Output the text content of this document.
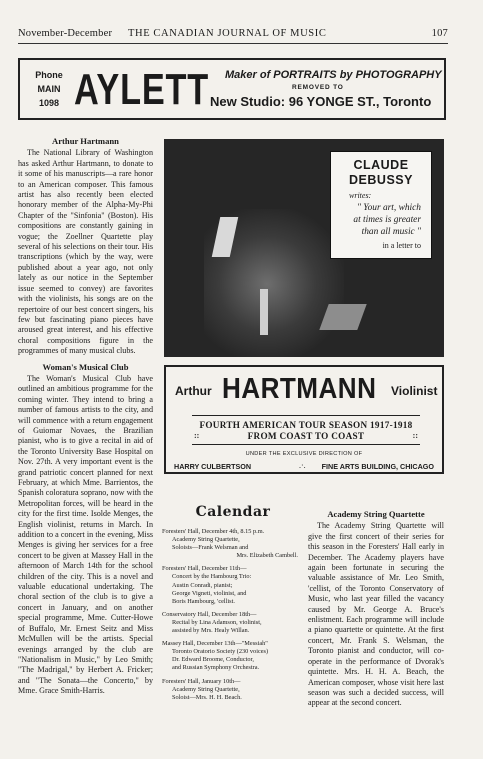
November-December THE CANADIAN JOURNAL OF MUSIC	107
Phone
MAIN
1098 AYLETT Maker of PORTRAITS by PHOTOGRAPHY
REMOVED TO
New Studio: 96 YONGE ST., Toronto
Arthur Hartmann

The National Library of Washington has asked Arthur Hartmann, to donate to it some of his manuscripts—a rare honor to an American composer. This famous artist has also recently been elected honorary member of the Alpha-My-Phi Chapter of the "Sinfonia" (Boston). His compositions are constantly gaining in vogue; the Zoellner Quartette play several of his selections on their tour. His transcriptions (which by the way, were published about a year ago, not only lately as our notice in the September issue seemed to convey) are favorites with the violinists, his songs are on the repertoire of our best concert singers, his few but fascinating piano pieces have aroused great interest, and his effective choral compositions figure in the programmes of many musical clubs.

Woman's Musical Club

The Woman's Musical Club have outlined an ambitious programme for the coming winter. They intend to bring a number of famous artists to the city, and will commence with a return engagement of Guiomar Novaes, the Brazilian pianist, who is to give a recital in aid of the Toronto University Base Hospital on Nov. 27th. A very important event is the grand patriotic concert planned for next February, at which Mme. Barrientos, the Spanish coloratura soprano, now with the Metropolitan forces, will be heard in the city for the first time. Isolde Menges, the English violinist, returns in March. In addition to a concert in the evening, Miss Menges is giving her services for a free concert to be given at Massey Hall in the afternoon of March 14th for the school children of the city. This is a novel and valuable educational undertaking. The choral section of the club is to give a concert in January, and on another special programme, Mme. Cutter-Howe of Buffalo, Mr. Ernest Seitz and Miss McMullen will be the artists. Special evenings arranged by the club are "Nationalism in Music," by Leo Smith; "The Madrigal," by Herbert A. Fricker; and "The Sonata—the Concerto," by Mme. Grace Smith-Harris.

CLAUDE
DEBUSSY
writes:
" Your art, which
at times is greater
than all music "
in a letter to
Arthur HARTMANN Violinist
FOURTH AMERICAN TOUR SEASON 1917-1918
FROM COAST TO COAST
::	::
UNDER THE EXCLUSIVE DIRECTION OF
HARRY CULBERTSON	.·. FINE ARTS BUILDING, CHICAGO
Calendar
Foresters' Hall, December 4th, 8.15 p.m.
Academy String Quartette,
Soloists—Frank Welsman and
Mrs. Elizabeth Cambell.
Foresters' Hall, December 11th—
Concert by the Hambourg Trio:
Austin Conradi, pianist;
George Vigneti, violinist, and
Boris Hambourg, 'cellist.
Conservatory Hall, December 18th—
Recital by Lina Adamson, violinist,
assisted by Mrs. Healy Willan.
Massey Hall, December 13th—"Messiah"
Toronto Oratorio Society (230 voices)
Dr. Edward Broome, Conductor,
and Russian Symphony Orchestra.
Foresters' Hall, January 10th—
Academy String Quartette,
Soloist—Mrs. H. H. Beach.
Academy String Quartette

The Academy String Quartette will give the first concert of their series for this season in the Foresters' Hall early in December. The Academy players have again been fortunate in securing the valuable assistance of Mr. Leo Smith, 'cellist, of the Toronto Conservatory of Music, who last year filled the vacancy caused by Mr. George A. Bruce's enlistment. Each programme will include a piano quartette or quintette. At the first concert, Mr. Frank S. Welsman, the Toronto pianist and conductor, will co-operate in the performance of Dvorak's quintette. Mrs. H. H. A. Beach, the American composer, whose visit here last season was such a decided success, will appear at the second concert.
